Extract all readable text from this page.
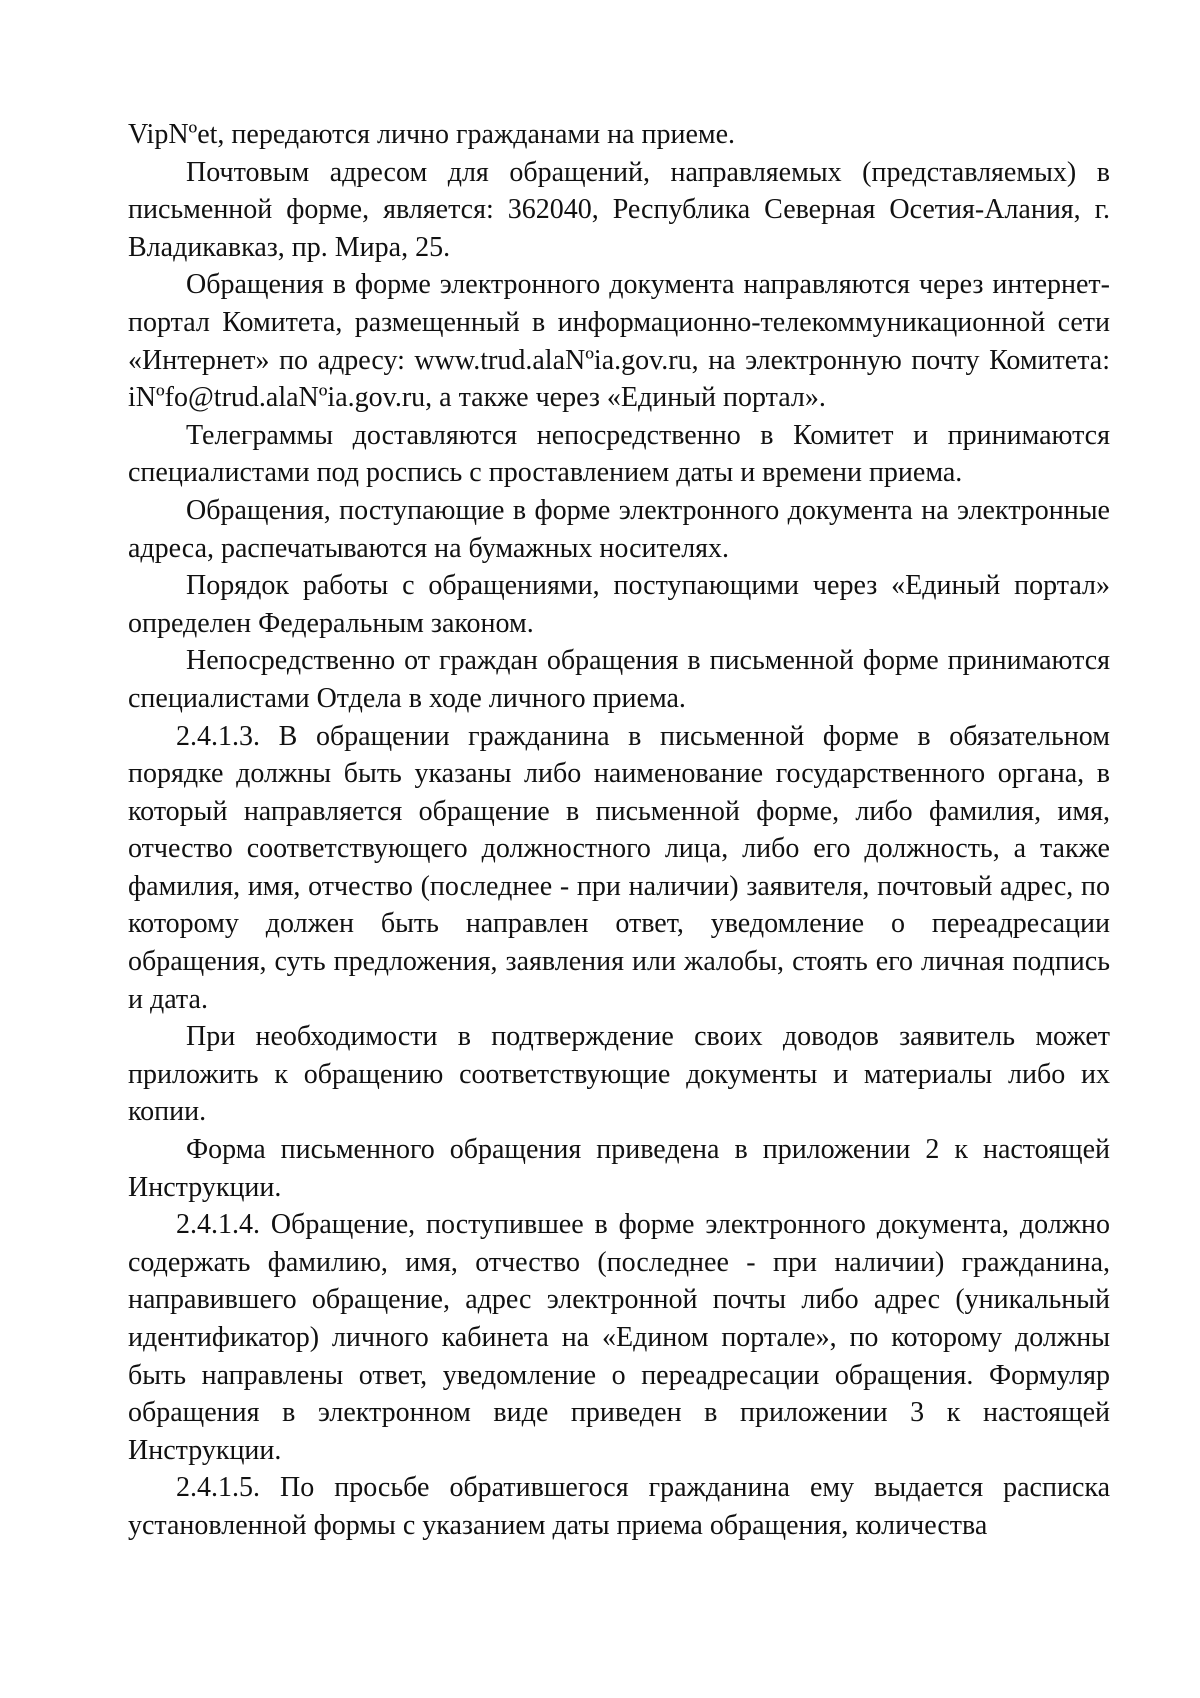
VipNºet, передаются лично гражданами на приеме.

Почтовым адресом для обращений, направляемых (представляемых) в письменной форме, является: 362040, Республика Северная Осетия-Алания, г. Владикавказ, пр. Мира, 25.

Обращения в форме электронного документа направляются через интернет-портал Комитета, размещенный в информационно-телекоммуникационной сети «Интернет» по адресу: www.trud.alaNºia.gov.ru, на электронную почту Комитета: iNºfo@trud.alaNºia.gov.ru, а также через «Единый портал».

Телеграммы доставляются непосредственно в Комитет и принимаются специалистами под роспись с проставлением даты и времени приема.

Обращения, поступающие в форме электронного документа на электронные адреса, распечатываются на бумажных носителях.

Порядок работы с обращениями, поступающими через «Единый портал» определен Федеральным законом.

Непосредственно от граждан обращения в письменной форме принимаются специалистами Отдела в ходе личного приема.

2.4.1.3. В обращении гражданина в письменной форме в обязательном порядке должны быть указаны либо наименование государственного органа, в который направляется обращение в письменной форме, либо фамилия, имя, отчество соответствующего должностного лица, либо его должность, а также фамилия, имя, отчество (последнее - при наличии) заявителя, почтовый адрес, по которому должен быть направлен ответ, уведомление о переадресации обращения, суть предложения, заявления или жалобы, стоять его личная подпись и дата.

При необходимости в подтверждение своих доводов заявитель может приложить к обращению соответствующие документы и материалы либо их копии.

Форма письменного обращения приведена в приложении 2 к настоящей Инструкции.

2.4.1.4. Обращение, поступившее в форме электронного документа, должно содержать фамилию, имя, отчество (последнее - при наличии) гражданина, направившего обращение, адрес электронной почты либо адрес (уникальный идентификатор) личного кабинета на «Едином портале», по которому должны быть направлены ответ, уведомление о переадресации обращения. Формуляр обращения в электронном виде приведен в приложении 3 к настоящей Инструкции.

2.4.1.5. По просьбе обратившегося гражданина ему выдается расписка установленной формы с указанием даты приема обращения, количества
